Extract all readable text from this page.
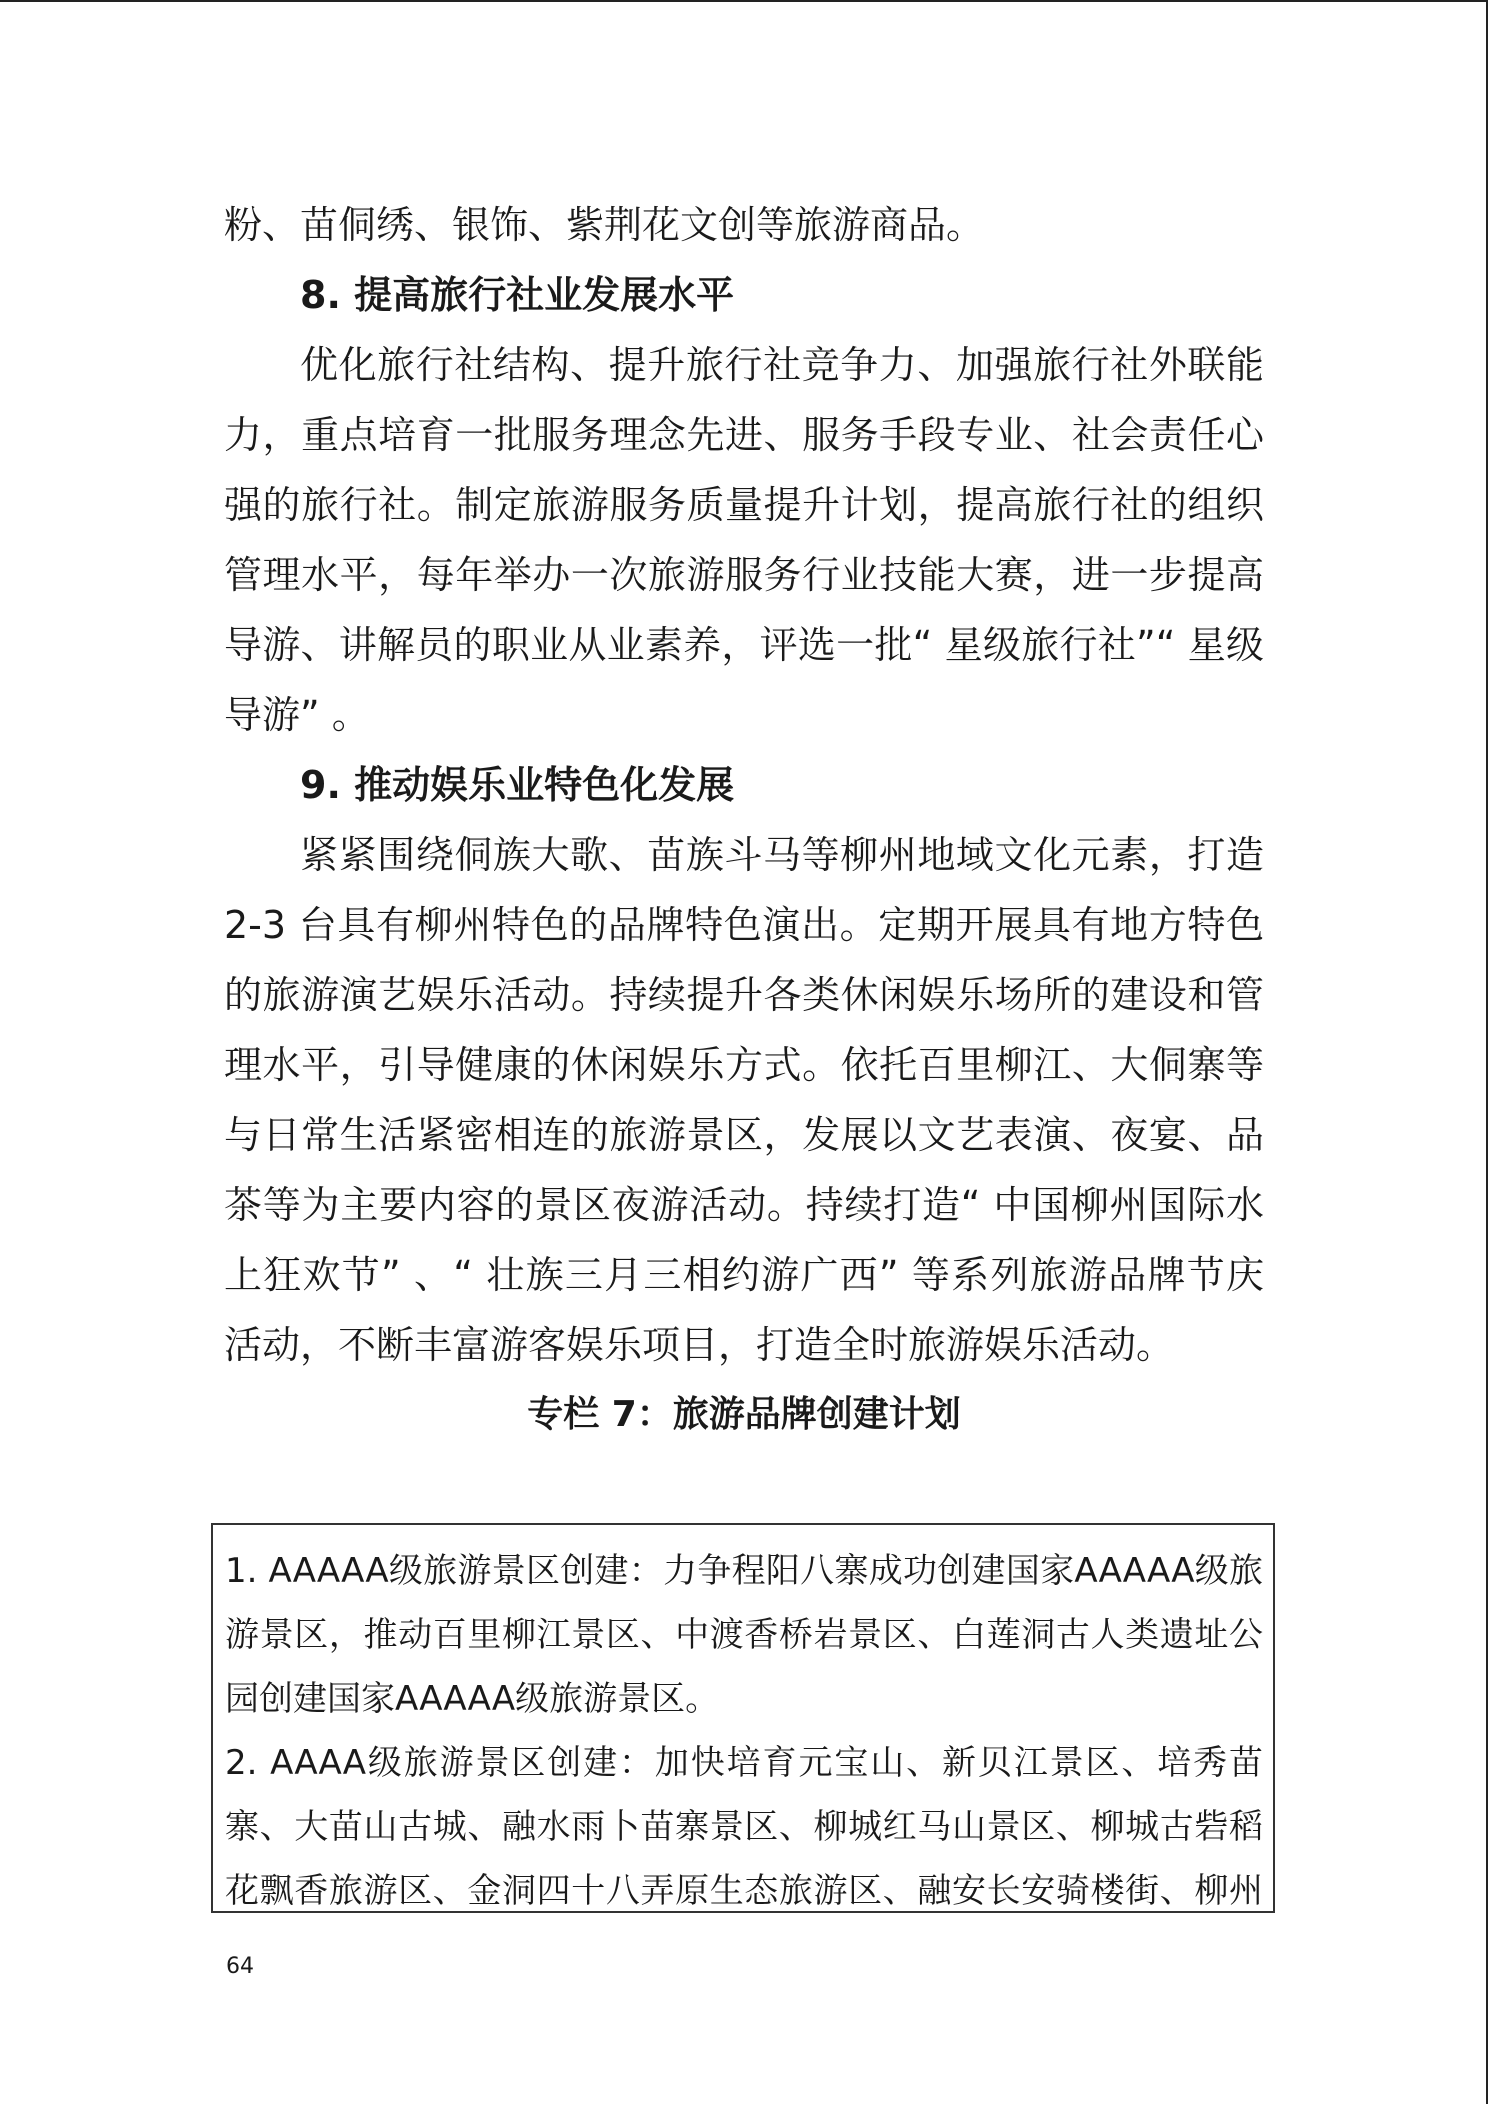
粉、苗侗绣、银饰、紫荆花文创等旅游商品。

8. 提高旅行社业发展水平

优化旅行社结构、提升旅行社竞争力、加强旅行社外联能力，重点培育一批服务理念先进、服务手段专业、社会责任心强的旅行社。制定旅游服务质量提升计划，提高旅行社的组织管理水平，每年举办一次旅游服务行业技能大赛，进一步提高导游、讲解员的职业从业素养，评选一批“ 星级旅行社”“ 星级导游” 。

9. 推动娱乐业特色化发展

紧紧围绕侗族大歌、苗族斗马等柳州地域文化元素，打造 2-3 台具有柳州特色的品牌特色演出。定期开展具有地方特色的旅游演艺娱乐活动。持续提升各类休闲娱乐场所的建设和管理水平，引导健康的休闲娱乐方式。依托百里柳江、大侗寨等与日常生活紧密相连的旅游景区，发展以文艺表演、夜宴、品茶等为主要内容的景区夜游活动。持续打造“ 中国柳州国际水上狂欢节” 、“ 壮族三月三相约游广西” 等系列旅游品牌节庆活动，不断丰富游客娱乐项目，打造全时旅游娱乐活动。

专栏 7：旅游品牌创建计划

1. AAAAA级旅游景区创建：力争程阳八寨成功创建国家AAAAA级旅游景区，推动百里柳江景区、中渡香桥岩景区、白莲洞古人类遗址公园创建国家AAAAA级旅游景区。

2. AAAA级旅游景区创建：加快培育元宝山、新贝江景区、培秀苗寨、大苗山古城、融水雨卜苗寨景区、柳城红马山景区、柳城古砦稻花飘香旅游区、金洞四十八弄原生态旅游区、融安长安骑楼街、柳州

64
